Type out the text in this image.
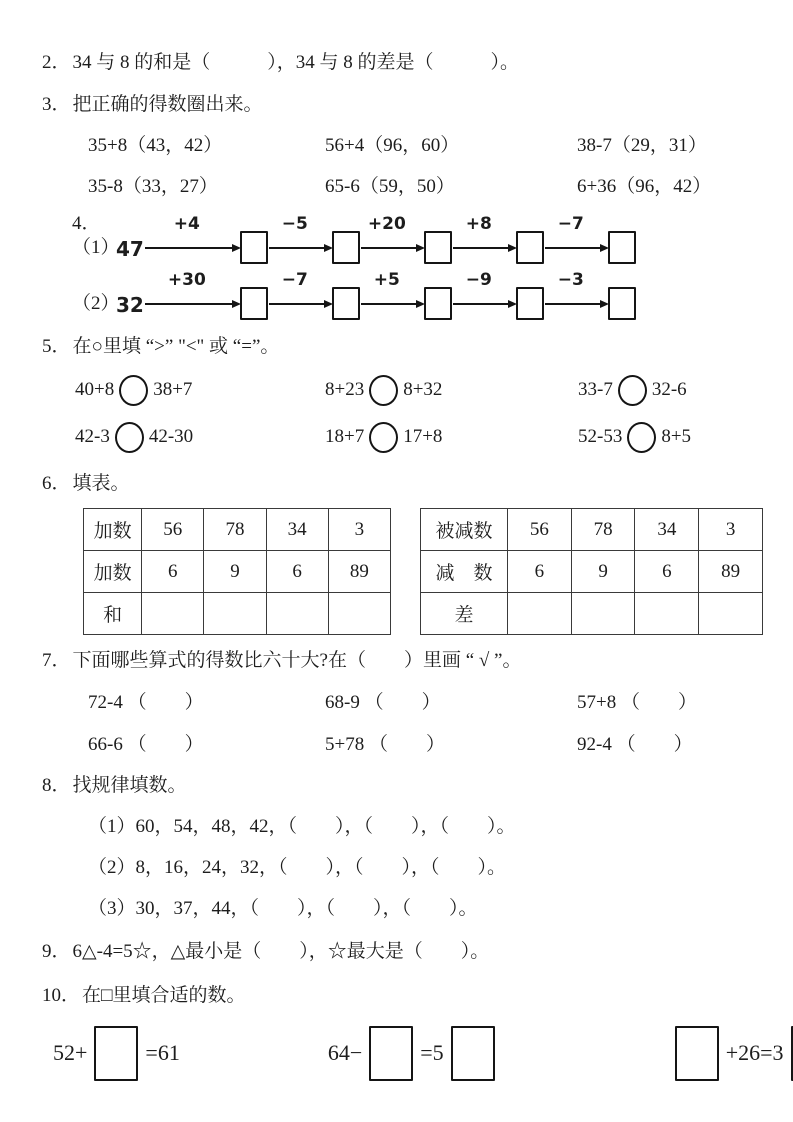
2． 34 与 8 的和是（　　　），34 与 8 的差是（　　　）。
3． 把正确的得数圈出来。
35+8（43，42）	56+4（96，60）	38-7（29，31）
35-8（33，27）	65-6（59，50）	6+36（96，42）
4．（1）
47
+4	−5	+20	+8	−7
（2）
32
+30	−7	+5	−9	−3
5． 在○里填 “>” "<" 或 “=”。
40+8 38+7	8+23 8+32	33-7 32-6
42-3 42-30	18+7 17+8	52-53 8+5
6． 填表。
加数	56	78	34	3
加数	6	9	6	89
和				
被减数	56	78	34	3
减　数	6	9	6	89
差				
7． 下面哪些算式的得数比六十大?在（　　）里画 “ √ ”。
72-4 （　　）	68-9 （　　）	57+8 （　　）
66-6 （　　）	5+78 （　　）	92-4 （　　）
8． 找规律填数。
（1）60，54，48，42，（　　），（　　），（　　）。
（2）8，16，24，32，（　　），（　　），（　　）。
（3）30，37，44，（　　），（　　），（　　）。
9． 6△-4=5☆，△最小是（　　），☆最大是（　　）。
10． 在□里填合适的数。
52+	=61	64−	=5	+26=3
